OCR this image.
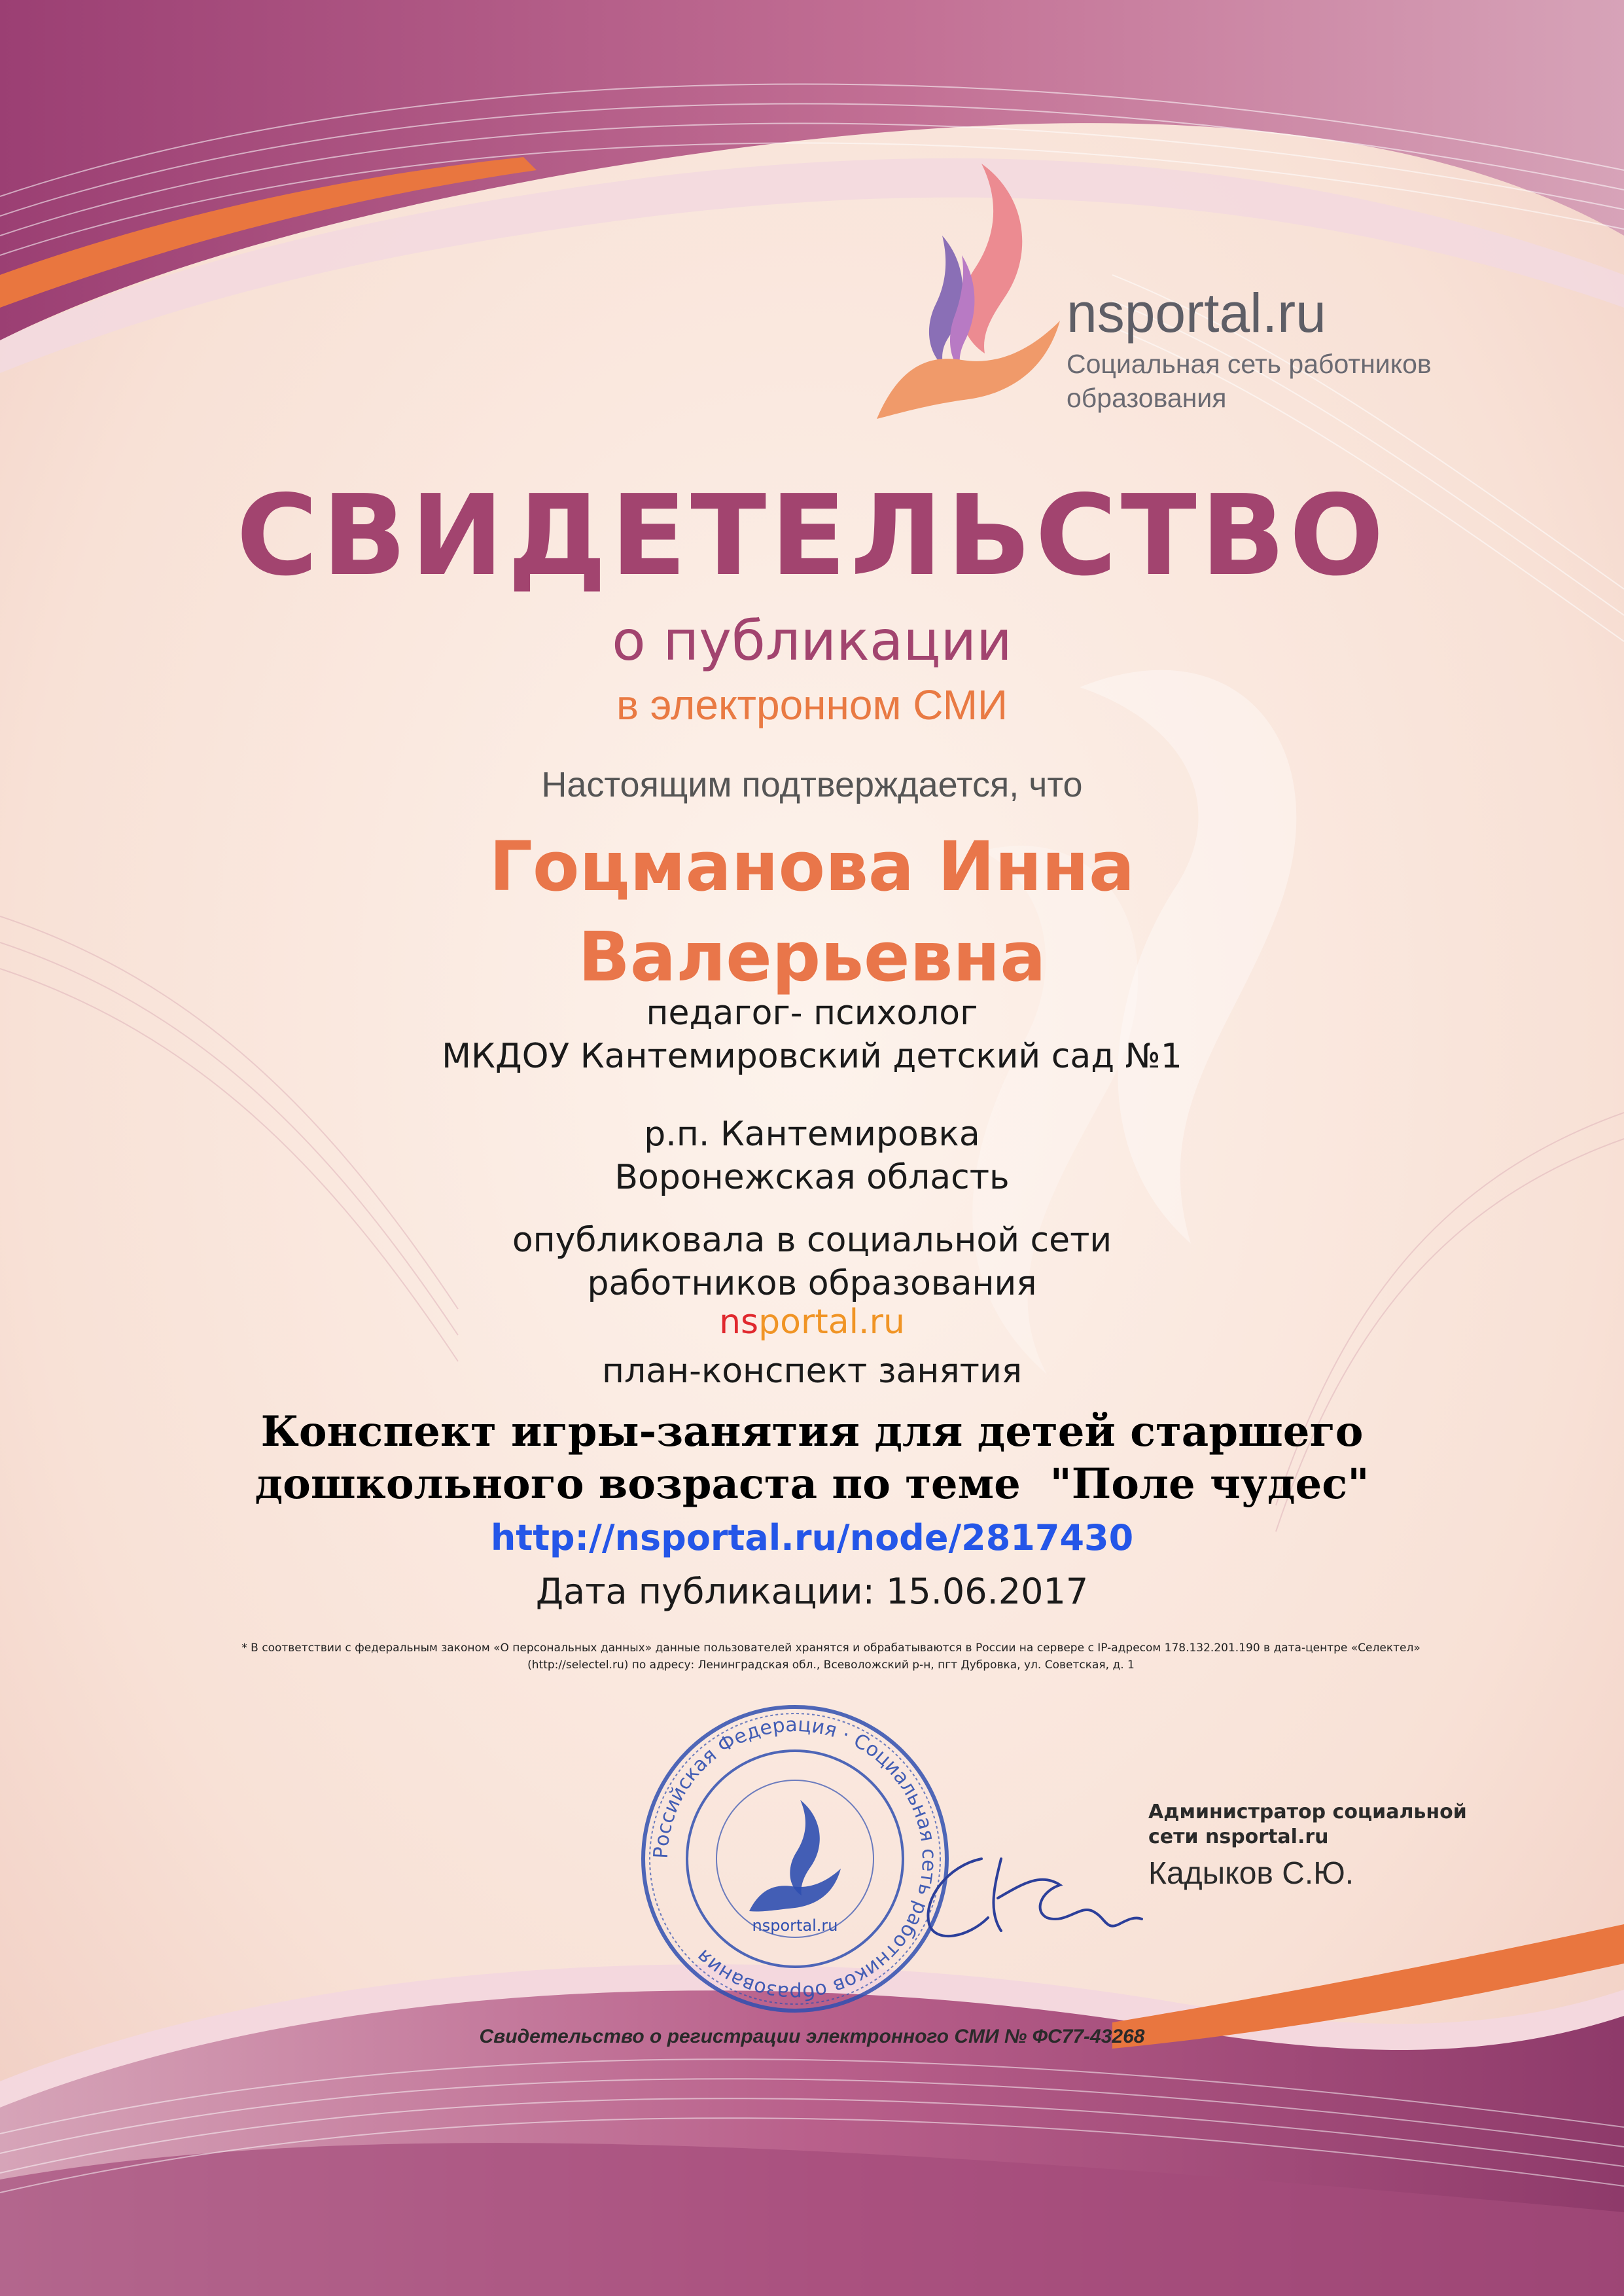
nsportal.ru
Социальная сеть работников образования
СВИДЕТЕЛЬСТВО
о публикации
в электронном СМИ
Настоящим подтверждается, что
Гоцманова Инна
Валерьевна
педагог- психолог
МКДОУ Кантемировский детский сад №1
р.п. Кантемировка
Воронежская область
опубликовала в социальной сети
работников образования
nsportal.ru
план-конспект занятия
Конспект игры-занятия для детей старшего
дошкольного возраста по теме  "Поле чудес"
http://nsportal.ru/node/2817430
Дата публикации: 15.06.2017
* В соответствии с федеральным законом «О персональных данных» данные пользователей хранятся и обрабатываются в России на сервере с IP-адресом 178.132.201.190 в дата-центре «Селектел» (http://selectel.ru) по адресу: Ленинградская обл., Всеволожский р-н, пгт Дубровка, ул. Советская, д. 1
Российская Федерация · Социальная сеть работников образования
nsportal.ru
Администратор социальной сети nsportal.ru
Кадыков С.Ю.
Свидетельство о регистрации электронного СМИ № ФС77-43268
